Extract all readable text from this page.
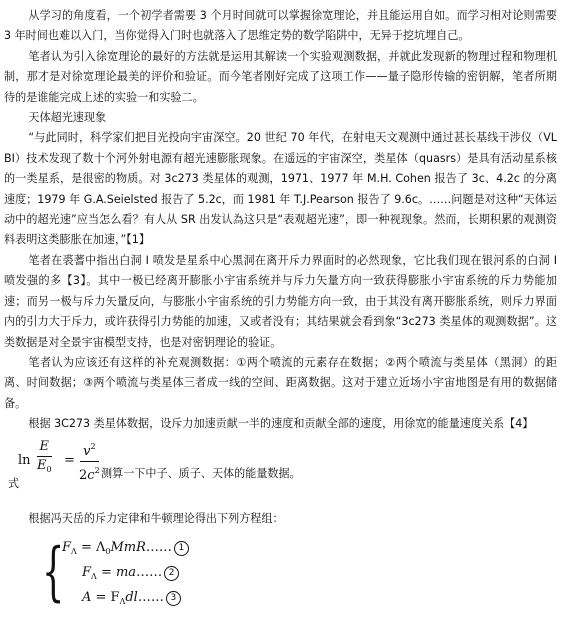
从学习的角度看，一个初学者需要 3 个月时间就可以掌握徐宽理论，并且能运用自如。而学习相对论则需要 3 年时间也难以入门，当你觉得入门时也就落入了思维定势的数学陷阱中，无异于挖坑埋自己。

笔者认为引入徐宽理论的最好的方法就是运用其解读一个实验观测数据，并就此发现新的物理过程和物理机制，那才是对徐宽理论最美的评价和验证。而今笔者刚好完成了这项工作——量子隐形传输的密钥解，笔者所期待的是谁能完成上述的实验一和实验二。

天体超光速现象

“与此同时，科学家们把目光投向宇宙深空。20 世纪 70 年代，在射电天文观测中通过甚长基线干涉仪（VLBI）技术发现了数十个河外射电源有超光速膨胀现象。在遥远的宇宙深空，类星体（quasrs）是具有活动星系核的一类星系，是很密的物质。对 3c273 类星体的观测，1971、1977 年 M.H. Cohen 报告了 3c、4.2c 的分离速度；1979 年 G.A.Seielsted 报告了 5.2c，而 1981 年 T.J.Pearson 报告了 9.6c。……问题是对这种“天体运动中的超光速”应当怎么看？有人从 SR 出发认為这只是“表观超光速”，即一种视现象。然而，长期积累的观测资料表明这类膨胀在加速，”【1】

笔者在裘蓍中指出白洞 I 喷发是星系中心黑洞在离开斥力界面时的必然现象，它比我们现在银河系的白洞 I 喷发强的多【3】。其中一极已经离开膨胀小宇宙系统并与斥力矢量方向一致获得膨胀小宇宙系统的斥力势能加速；而另一极与斥力矢量反向，与膨胀小宇宙系统的引力势能方向一致，由于其没有离开膨胀系统，则斥力界面内的引力大于斥力，或许获得引力势能的加速，又或者没有；其结果就会看到象“3c273 类星体的观测数据”。这类数据是对全景宇宙模型支持，也是对密钥理论的验证。

笔者认为应该还有这样的补充观测数据：①两个喷流的元素存在数据；②两个喷流与类星体（黑洞）的距离、时间数据；③两个喷流与类星体三者成一线的空间、距离数据。这对于建立近场小宇宙地图是有用的数据储备。

根据 3C273 类星体数据，设斥力加速贡献一半的速度和贡献全部的速度，用徐宽的能量速度关系【4】

$\ln \frac{E}{E_0} = \frac{v^2}{2c^2}$
式
测算一下中子、质子、天体的能量数据。

根据冯天岳的斥力定律和牛顿理论得出下列方程组：

{
$F_\Lambda$ = $\Lambda_0MmR\dots\dots$ 1
$F_\Lambda$ = ma…… 2
$A = F_\Lambda dl\dots\dots$ 3
